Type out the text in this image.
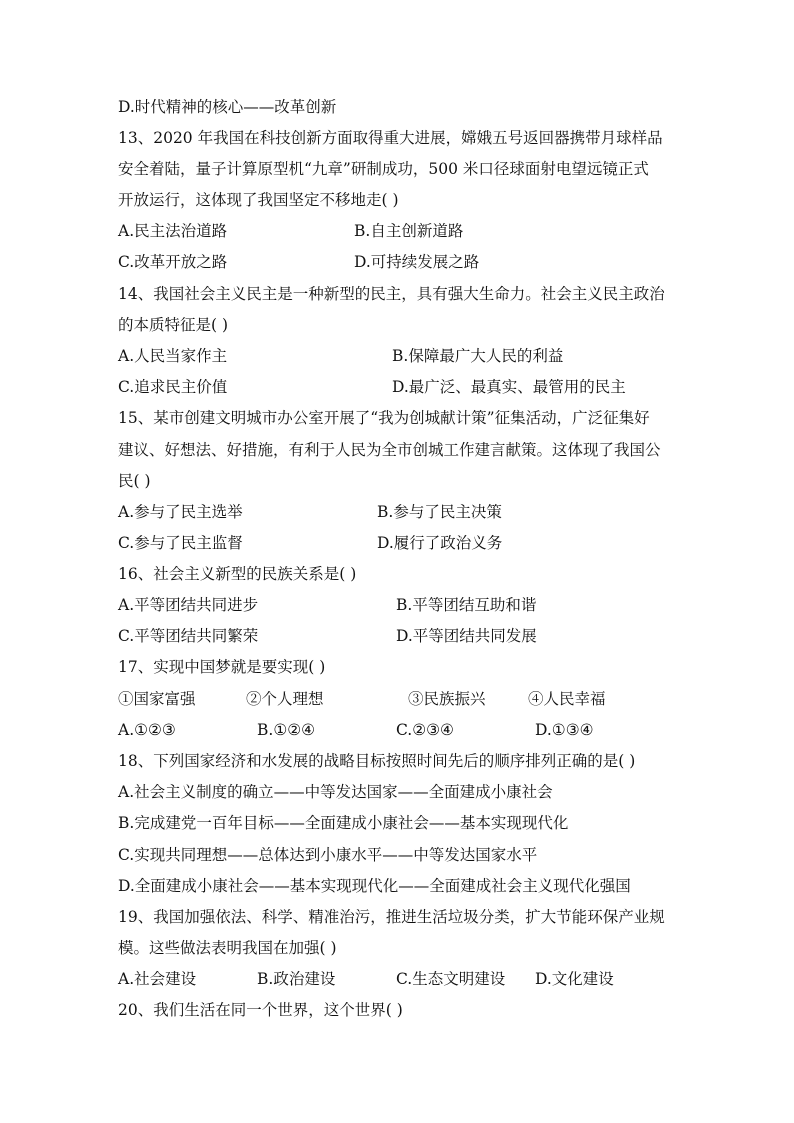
D.时代精神的核心——改革创新
13、2020 年我国在科技创新方面取得重大进展，嫦娥五号返回器携带月球样品
安全着陆，量子计算原型机“九章”研制成功，500 米口径球面射电望远镜正式
开放运行，这体现了我国坚定不移地走( )
A.民主法治道路	B.自主创新道路
C.改革开放之路	D.可持续发展之路
14、我国社会主义民主是一种新型的民主，具有强大生命力。社会主义民主政治
的本质特征是( )
A.人民当家作主	B.保障最广大人民的利益
C.追求民主价值	D.最广泛、最真实、最管用的民主
15、某市创建文明城市办公室开展了“我为创城献计策”征集活动，广泛征集好
建议、好想法、好措施，有利于人民为全市创城工作建言献策。这体现了我国公
民( )
A.参与了民主选举	B.参与了民主决策
C.参与了民主监督	D.履行了政治义务
16、社会主义新型的民族关系是( )
A.平等团结共同进步	B.平等团结互助和谐
C.平等团结共同繁荣	D.平等团结共同发展
17、实现中国梦就是要实现( )
①国家富强	②个人理想	③民族振兴	④人民幸福
A.①②③	B.①②④	C.②③④	D.①③④
18、下列国家经济和水发展的战略目标按照时间先后的顺序排列正确的是( )
A.社会主义制度的确立——中等发达国家——全面建成小康社会
B.完成建党一百年目标——全面建成小康社会——基本实现现代化
C.实现共同理想——总体达到小康水平——中等发达国家水平
D.全面建成小康社会——基本实现现代化——全面建成社会主义现代化强国
19、我国加强依法、科学、精准治污，推进生活垃圾分类，扩大节能环保产业规
模。这些做法表明我国在加强( )
A.社会建设	B.政治建设	C.生态文明建设 D.文化建设
20、我们生活在同一个世界，这个世界( )
